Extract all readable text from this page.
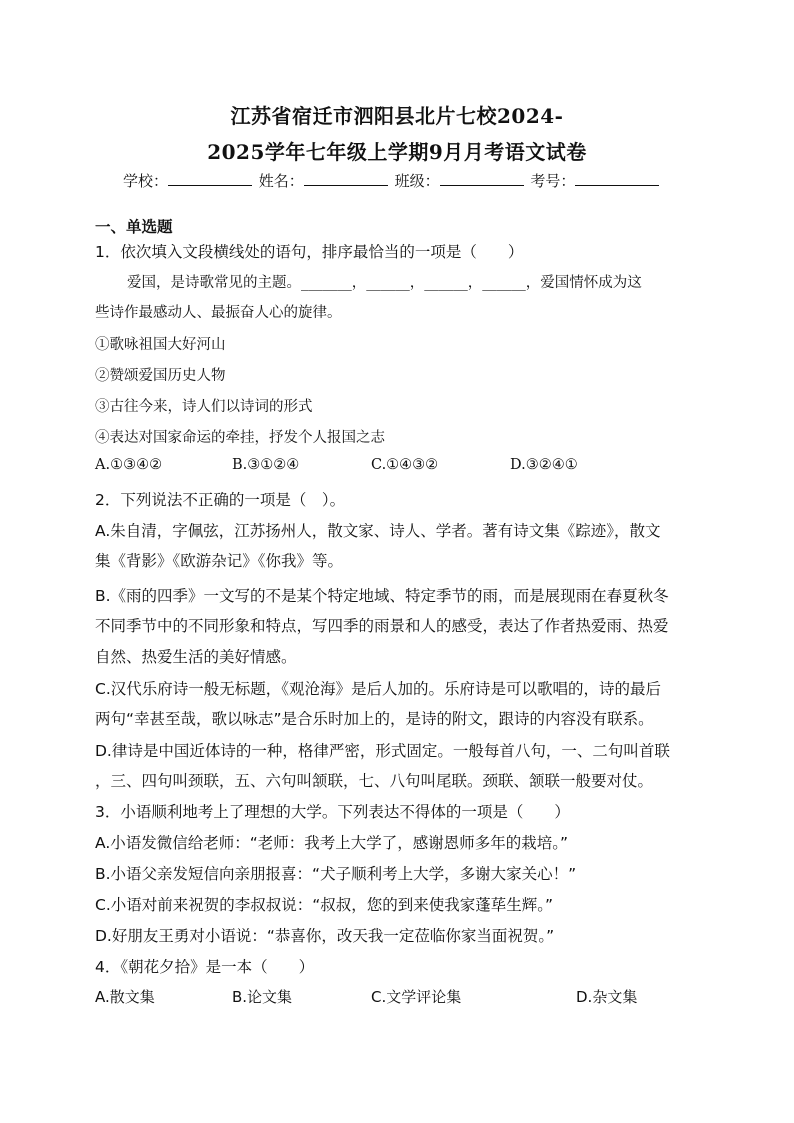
江苏省宿迁市泗阳县北片七校2024-
2025学年七年级上学期9月月考语文试卷
学校：	姓名：	班级：	考号：
一、单选题
1．依次填入文段横线处的语句，排序最恰当的一项是（　　）
爱国，是诗歌常见的主题。_______，______，______，______，爱国情怀成为这
些诗作最感动人、最振奋人心的旋律。
①歌咏祖国大好河山
②赞颂爱国历史人物
③古往今来，诗人们以诗词的形式
④表达对国家命运的牵挂，抒发个人报国之志
A.①③④②	B.③①②④	C.①④③②	D.③②④①
2．下列说法不正确的一项是（　）。
A.朱自清，字佩弦，江苏扬州人，散文家、诗人、学者。著有诗文集《踪迹》，散文
集《背影》《欧游杂记》《你我》等。
B.《雨的四季》一文写的不是某个特定地域、特定季节的雨，而是展现雨在春夏秋冬
不同季节中的不同形象和特点，写四季的雨景和人的感受，表达了作者热爱雨、热爱
自然、热爱生活的美好情感。
C.汉代乐府诗一般无标题，《观沧海》是后人加的。乐府诗是可以歌唱的，诗的最后
两句“幸甚至哉，歌以咏志”是合乐时加上的，是诗的附文，跟诗的内容没有联系。
D.律诗是中国近体诗的一种，格律严密，形式固定。一般每首八句，一、二句叫首联
，三、四句叫颈联，五、六句叫颔联，七、八句叫尾联。颈联、颔联一般要对仗。
3．小语顺利地考上了理想的大学。下列表达不得体的一项是（　　）
A.小语发微信给老师：“老师：我考上大学了，感谢恩师多年的栽培。”
B.小语父亲发短信向亲朋报喜：“犬子顺利考上大学，多谢大家关心！”
C.小语对前来祝贺的李叔叔说：“叔叔，您的到来使我家蓬荜生辉。”
D.好朋友王勇对小语说：“恭喜你，改天我一定莅临你家当面祝贺。”
4．《朝花夕拾》是一本（　　）
A.散文集	B.论文集	C.文学评论集	D.杂文集
